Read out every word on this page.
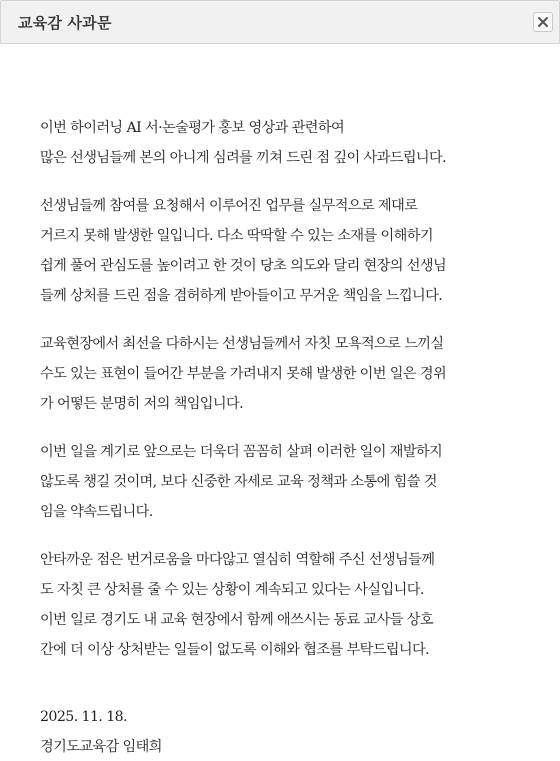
교육감 사과문

이번 하이러닝 AI 서·논술평가 홍보 영상과 관련하여
많은 선생님들께 본의 아니게 심려를 끼쳐 드린 점 깊이 사과드립니다.

선생님들께 참여를 요청해서 이루어진 업무를 실무적으로 제대로
거르지 못해 발생한 일입니다. 다소 딱딱할 수 있는 소재를 이해하기
쉽게 풀어 관심도를 높이려고 한 것이 당초 의도와 달리 현장의 선생님
들께 상처를 드린 점을 겸허하게 받아들이고 무거운 책임을 느낍니다.

교육현장에서 최선을 다하시는 선생님들께서 자칫 모욕적으로 느끼실
수도 있는 표현이 들어간 부분을 가려내지 못해 발생한 이번 일은 경위
가 어떻든 분명히 저의 책임입니다.

이번 일을 계기로 앞으로는 더욱더 꼼꼼히 살펴 이러한 일이 재발하지
않도록 챙길 것이며, 보다 신중한 자세로 교육 정책과 소통에 힘쓸 것
임을 약속드립니다.

안타까운 점은 번거로움을 마다않고 열심히 역할해 주신 선생님들께
도 자칫 큰 상처를 줄 수 있는 상황이 계속되고 있다는 사실입니다.
이번 일로 경기도 내 교육 현장에서 함께 애쓰시는 동료 교사들 상호
간에 더 이상 상처받는 일들이 없도록 이해와 협조를 부탁드립니다.

2025. 11. 18.
경기도교육감 임태희
